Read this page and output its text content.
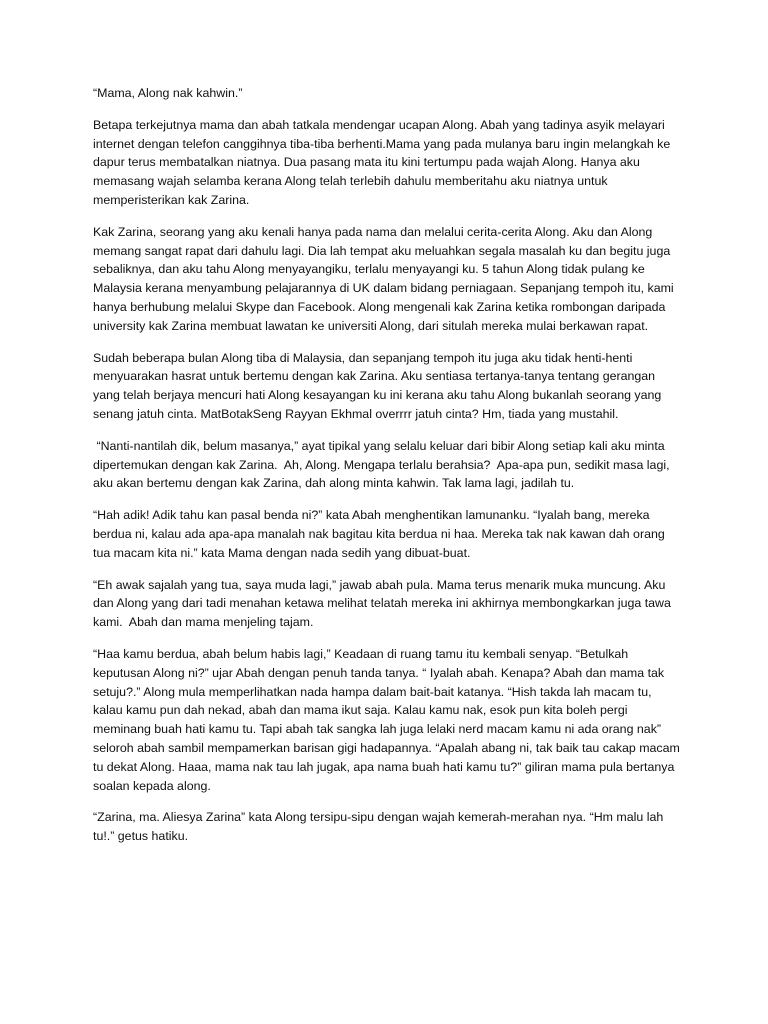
“Mama, Along nak kahwin.”

Betapa terkejutnya mama dan abah tatkala mendengar ucapan Along. Abah yang tadinya asyik melayari internet dengan telefon canggihnya tiba-tiba berhenti.Mama yang pada mulanya baru ingin melangkah ke dapur terus membatalkan niatnya. Dua pasang mata itu kini tertumpu pada wajah Along. Hanya aku memasang wajah selamba kerana Along telah terlebih dahulu memberitahu aku niatnya untuk memperisterikan kak Zarina.

Kak Zarina, seorang yang aku kenali hanya pada nama dan melalui cerita-cerita Along. Aku dan Along memang sangat rapat dari dahulu lagi. Dia lah tempat aku meluahkan segala masalah ku dan begitu juga sebaliknya, dan aku tahu Along menyayangiku, terlalu menyayangi ku. 5 tahun Along tidak pulang ke Malaysia kerana menyambung pelajarannya di UK dalam bidang perniagaan. Sepanjang tempoh itu, kami hanya berhubung melalui Skype dan Facebook. Along mengenali kak Zarina ketika rombongan daripada university kak Zarina membuat lawatan ke universiti Along, dari situlah mereka mulai berkawan rapat.

Sudah beberapa bulan Along tiba di Malaysia, dan sepanjang tempoh itu juga aku tidak henti-henti menyuarakan hasrat untuk bertemu dengan kak Zarina. Aku sentiasa tertanya-tanya tentang gerangan yang telah berjaya mencuri hati Along kesayangan ku ini kerana aku tahu Along bukanlah seorang yang senang jatuh cinta. MatBotakSeng Rayyan Ekhmal overrrr jatuh cinta? Hm, tiada yang mustahil.

“Nanti-nantilah dik, belum masanya,” ayat tipikal yang selalu keluar dari bibir Along setiap kali aku minta dipertemukan dengan kak Zarina.  Ah, Along. Mengapa terlalu berahsia?  Apa-apa pun, sedikit masa lagi, aku akan bertemu dengan kak Zarina, dah along minta kahwin. Tak lama lagi, jadilah tu.

“Hah adik! Adik tahu kan pasal benda ni?” kata Abah menghentikan lamunanku. “Iyalah bang, mereka berdua ni, kalau ada apa-apa manalah nak bagitau kita berdua ni haa. Mereka tak nak kawan dah orang tua macam kita ni.” kata Mama dengan nada sedih yang dibuat-buat.

“Eh awak sajalah yang tua, saya muda lagi,” jawab abah pula. Mama terus menarik muka muncung. Aku dan Along yang dari tadi menahan ketawa melihat telatah mereka ini akhirnya membongkarkan juga tawa kami.  Abah dan mama menjeling tajam.

“Haa kamu berdua, abah belum habis lagi,” Keadaan di ruang tamu itu kembali senyap. “Betulkah keputusan Along ni?” ujar Abah dengan penuh tanda tanya. “ Iyalah abah. Kenapa? Abah dan mama tak setuju?.” Along mula memperlihatkan nada hampa dalam bait-bait katanya. “Hish takda lah macam tu, kalau kamu pun dah nekad, abah dan mama ikut saja. Kalau kamu nak, esok pun kita boleh pergi meminang buah hati kamu tu. Tapi abah tak sangka lah juga lelaki nerd macam kamu ni ada orang nak” seloroh abah sambil mempamerkan barisan gigi hadapannya. “Apalah abang ni, tak baik tau cakap macam tu dekat Along. Haaa, mama nak tau lah jugak, apa nama buah hati kamu tu?” giliran mama pula bertanya soalan kepada along.

“Zarina, ma. Aliesya Zarina” kata Along tersipu-sipu dengan wajah kemerah-merahan nya. “Hm malu lah tu!.” getus hatiku.
